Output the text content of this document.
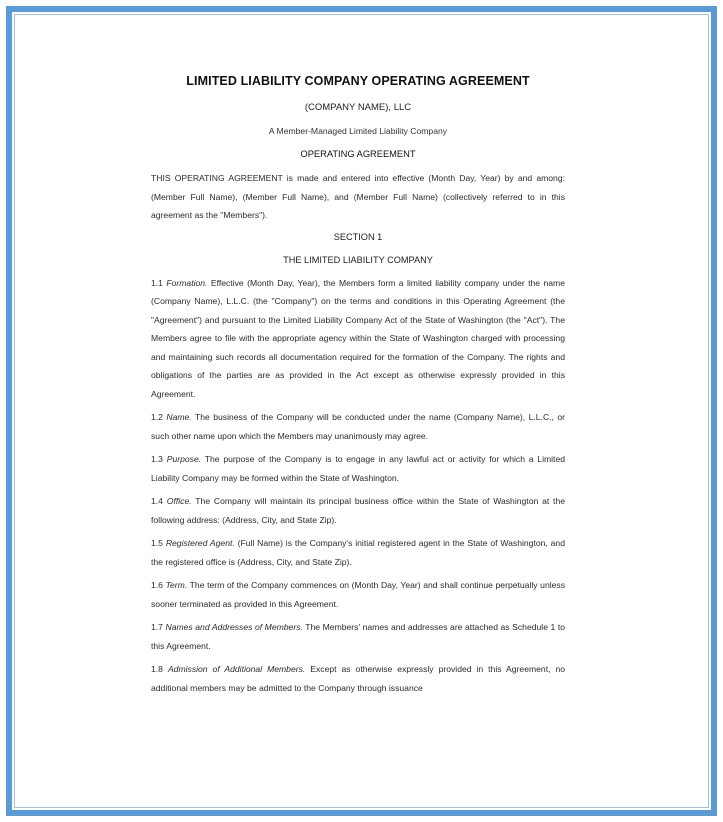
LIMITED LIABILITY COMPANY OPERATING AGREEMENT
(COMPANY NAME), LLC
A Member-Managed Limited Liability Company
OPERATING AGREEMENT

THIS OPERATING AGREEMENT is made and entered into effective (Month Day, Year) by and among: (Member Full Name), (Member Full Name), and (Member Full Name) (collectively referred to in this agreement as the "Members").

SECTION 1
THE LIMITED LIABILITY COMPANY

1.1 Formation. Effective (Month Day, Year), the Members form a limited liability company under the name (Company Name), L.L.C. (the "Company") on the terms and conditions in this Operating Agreement (the "Agreement") and pursuant to the Limited Liability Company Act of the State of Washington (the "Act"). The Members agree to file with the appropriate agency within the State of Washington charged with processing and maintaining such records all documentation required for the formation of the Company. The rights and obligations of the parties are as provided in the Act except as otherwise expressly provided in this Agreement.

1.2 Name. The business of the Company will be conducted under the name (Company Name), L.L.C., or such other name upon which the Members may unanimously may agree.

1.3 Purpose. The purpose of the Company is to engage in any lawful act or activity for which a Limited Liability Company may be formed within the State of Washington.

1.4 Office. The Company will maintain its principal business office within the State of Washington at the following address: (Address, City, and State Zip).

1.5 Registered Agent. (Full Name) is the Company's initial registered agent in the State of Washington, and the registered office is (Address, City, and State Zip).

1.6 Term. The term of the Company commences on (Month Day, Year) and shall continue perpetually unless sooner terminated as provided in this Agreement.

1.7 Names and Addresses of Members. The Members' names and addresses are attached as Schedule 1 to this Agreement.

1.8 Admission of Additional Members. Except as otherwise expressly provided in this Agreement, no additional members may be admitted to the Company through issuance
